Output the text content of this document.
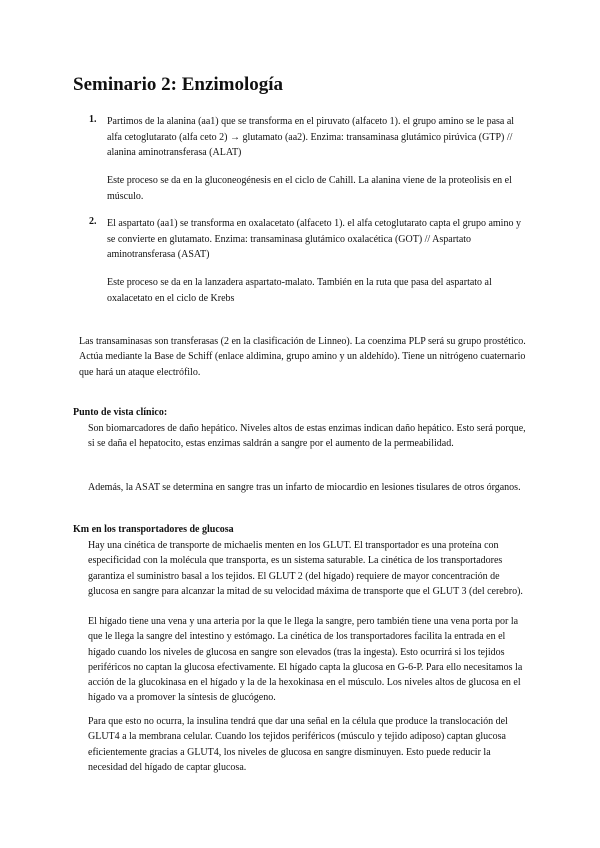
Seminario 2: Enzimología
1. Partimos de la alanina (aa1) que se transforma en el piruvato (alfaceto 1). el grupo amino se le pasa al alfa cetoglutarato (alfa ceto 2) → glutamato (aa2). Enzima: transaminasa glutámico pirúvica (GTP) // alanina aminotransferasa (ALAT)

Este proceso se da en la gluconeogénesis en el ciclo de Cahill. La alanina viene de la proteolisis en el músculo.

2. El aspartato (aa1) se transforma en oxalacetato (alfaceto 1). el alfa cetoglutarato capta el grupo amino y se convierte en glutamato. Enzima: transaminasa glutámico oxalacética (GOT) // Aspartato aminotransferasa (ASAT)

Este proceso se da en la lanzadera aspartato-malato. También en la ruta que pasa del aspartato al oxalacetato en el ciclo de Krebs

Las transaminasas son transferasas (2 en la clasificación de Linneo). La coenzima PLP será su grupo prostético. Actúa mediante la Base de Schiff (enlace aldimina, grupo amino y un aldehído). Tiene un nitrógeno cuaternario que hará un ataque electrófilo.

Punto de vista clínico:

Son biomarcadores de daño hepático. Niveles altos de estas enzimas indican daño hepático. Esto será porque, si se daña el hepatocito, estas enzimas saldrán a sangre por el aumento de la permeabilidad.

Además, la ASAT se determina en sangre tras un infarto de miocardio en lesiones tisulares de otros órganos.

Km en los transportadores de glucosa

Hay una cinética de transporte de michaelis menten en los GLUT. El transportador es una proteína con especificidad con la molécula que transporta, es un sistema saturable. La cinética de los transportadores garantiza el suministro basal a los tejidos. El GLUT 2 (del hígado) requiere de mayor concentración de glucosa en sangre para alcanzar la mitad de su velocidad máxima de transporte que el GLUT 3 (del cerebro).

El hígado tiene una vena y una arteria por la que le llega la sangre, pero también tiene una vena porta por la que le llega la sangre del intestino y estómago. La cinética de los transportadores facilita la entrada en el hígado cuando los niveles de glucosa en sangre son elevados (tras la ingesta). Esto ocurrirá si los tejidos periféricos no captan la glucosa efectivamente. El hígado capta la glucosa en G-6-P. Para ello necesitamos la acción de la glucokinasa en el hígado y la de la hexokinasa en el músculo. Los niveles altos de glucosa en el hígado va a promover la síntesis de glucógeno.

Para que esto no ocurra, la insulina tendrá que dar una señal en la célula que produce la translocación del GLUT4 a la membrana celular. Cuando los tejidos periféricos (músculo y tejido adiposo) captan glucosa eficientemente gracias a GLUT4, los niveles de glucosa en sangre disminuyen. Esto puede reducir la necesidad del hígado de captar glucosa.
